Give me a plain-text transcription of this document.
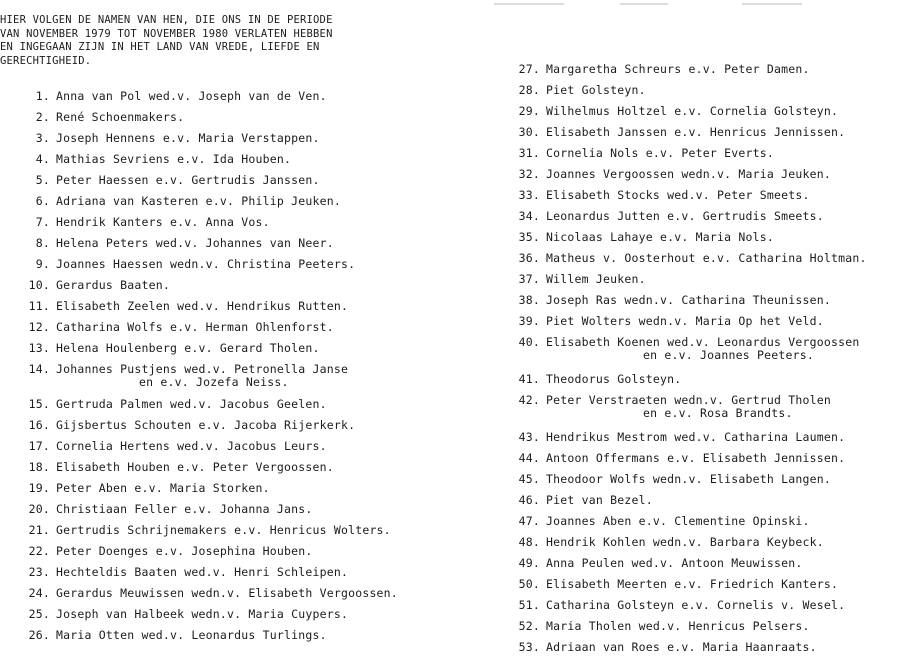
HIER VOLGEN DE NAMEN VAN HEN, DIE ONS IN DE PERIODE
VAN NOVEMBER 1979 TOT NOVEMBER 1980 VERLATEN HEBBEN
EN INGEGAAN ZIJN IN HET LAND VAN VREDE, LIEFDE EN
GERECHTIGHEID.
1. Anna van Pol wed.v. Joseph van de Ven.
2. René Schoenmakers.
3. Joseph Hennens e.v. Maria Verstappen.
4. Mathias Sevriens e.v. Ida Houben.
5. Peter Haessen e.v. Gertrudis Janssen.
6. Adriana van Kasteren e.v. Philip Jeuken.
7. Hendrik Kanters e.v. Anna Vos.
8. Helena Peters wed.v. Johannes van Neer.
9. Joannes Haessen wedn.v. Christina Peeters.
10. Gerardus Baaten.
11. Elisabeth Zeelen wed.v. Hendrikus Rutten.
12. Catharina Wolfs e.v. Herman Ohlenforst.
13. Helena Houlenberg e.v. Gerard Tholen.
14. Johannes Pustjens wed.v. Petronella Janse
en e.v. Jozefa Neiss.
15. Gertruda Palmen wed.v. Jacobus Geelen.
16. Gijsbertus Schouten e.v. Jacoba Rijerkerk.
17. Cornelia Hertens wed.v. Jacobus Leurs.
18. Elisabeth Houben e.v. Peter Vergoossen.
19. Peter Aben e.v. Maria Storken.
20. Christiaan Feller e.v. Johanna Jans.
21. Gertrudis Schrijnemakers e.v. Henricus Wolters.
22. Peter Doenges e.v. Josephina Houben.
23. Hechteldis Baaten wed.v. Henri Schleipen.
24. Gerardus Meuwissen wedn.v. Elisabeth Vergoossen.
25. Joseph van Halbeek wedn.v. Maria Cuypers.
26. Maria Otten wed.v. Leonardus Turlings.
27. Margaretha Schreurs e.v. Peter Damen.
28. Piet Golsteyn.
29. Wilhelmus Holtzel e.v. Cornelia Golsteyn.
30. Elisabeth Janssen e.v. Henricus Jennissen.
31. Cornelia Nols e.v. Peter Everts.
32. Joannes Vergoossen wedn.v. Maria Jeuken.
33. Elisabeth Stocks wed.v. Peter Smeets.
34. Leonardus Jutten e.v. Gertrudis Smeets.
35. Nicolaas Lahaye e.v. Maria Nols.
36. Matheus v. Oosterhout e.v. Catharina Holtman.
37. Willem Jeuken.
38. Joseph Ras wedn.v. Catharina Theunissen.
39. Piet Wolters wedn.v. Maria Op het Veld.
40. Elisabeth Koenen wed.v. Leonardus Vergoossen
en e.v. Joannes Peeters.
41. Theodorus Golsteyn.
42. Peter Verstraeten wedn.v. Gertrud Tholen
en e.v. Rosa Brandts.
43. Hendrikus Mestrom wed.v. Catharina Laumen.
44. Antoon Offermans e.v. Elisabeth Jennissen.
45. Theodoor Wolfs wedn.v. Elisabeth Langen.
46. Piet van Bezel.
47. Joannes Aben e.v. Clementine Opinski.
48. Hendrik Kohlen wedn.v. Barbara Keybeck.
49. Anna Peulen wed.v. Antoon Meuwissen.
50. Elisabeth Meerten e.v. Friedrich Kanters.
51. Catharina Golsteyn e.v. Cornelis v. Wesel.
52. Maria Tholen wed.v. Henricus Pelsers.
53. Adriaan van Roes e.v. Maria Haanraats.
